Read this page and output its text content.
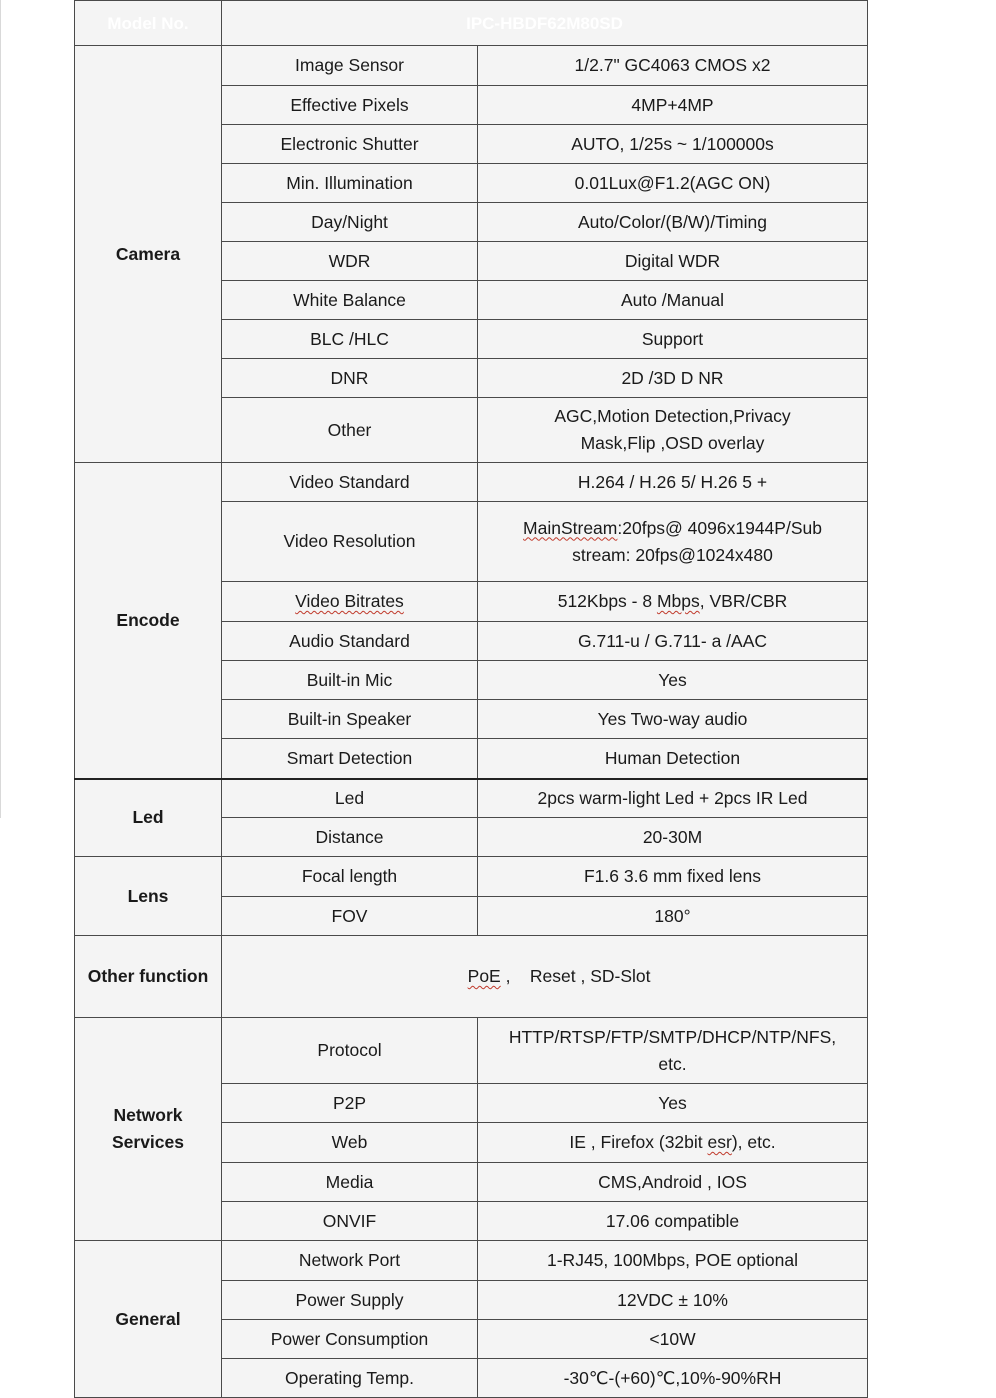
Model No.	IPC-HBDF62M80SD	
Camera	Image Sensor	1/2.7" GC4063 CMOS x2
	Effective Pixels	4MP+4MP
	Electronic Shutter	AUTO, 1/25s ~ 1/100000s
	Min. Illumination	0.01Lux@F1.2(AGC ON)
	Day/Night	Auto/Color/(B/W)/Timing
	WDR	Digital WDR
	White Balance	Auto /Manual
	BLC /HLC	Support
	DNR	2D /3D D NR
	Other	AGC,Motion Detection,Privacy
Mask,Flip ,OSD overlay
Encode	Video Standard	H.264 / H.26 5/ H.26 5 +
	Video Resolution	MainStream:20fps@ 4096x1944P/Sub
stream: 20fps@1024x480
	Video Bitrates	512Kbps - 8 Mbps, VBR/CBR
	Audio Standard	G.711-u / G.711- a /AAC
	Built-in Mic	Yes
	Built-in Speaker	Yes Two-way audio
	Smart Detection	Human Detection
Led	Led	2pcs warm-light Led + 2pcs IR Led
	Distance	20-30M
Lens	Focal length	F1.6 3.6 mm fixed lens
	FOV	180°
Other function	PoE ,    Reset , SD-Slot	

Network
Services	Protocol	HTTP/RTSP/FTP/SMTP/DHCP/NTP/NFS,
etc.
	P2P	Yes
	Web	IE , Firefox (32bit esr), etc.
	Media	CMS,Android , IOS
	ONVIF	17.06 compatible
General	Network Port	1-RJ45, 100Mbps, POE optional
	Power Supply	12VDC ± 10%
	Power Consumption	<10W
	Operating Temp.	-30℃-(+60)℃,10%-90%RH
